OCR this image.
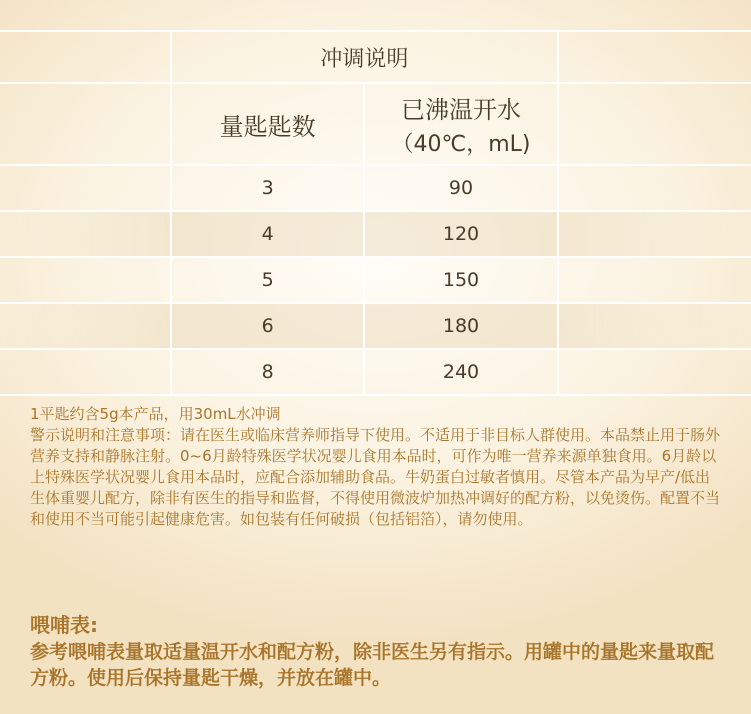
	冲调说明		
	量匙匙数	已沸温开水
（40℃，mL)	

	3	90	
	4	120	
	5	150	
	6	180	
	8	240	

1平匙约含5g本产品，用30mL水冲调

警示说明和注意事项：请在医生或临床营养师指导下使用。不适用于非目标人群使用。本品禁止用于肠外营养支持和静脉注射。0~6月龄特殊医学状况婴儿食用本品时，可作为唯一营养来源单独食用。6月龄以上特殊医学状况婴儿食用本品时，应配合添加辅助食品。牛奶蛋白过敏者慎用。尽管本产品为早产/低出生体重婴儿配方，除非有医生的指导和监督，不得使用微波炉加热冲调好的配方粉，以免烫伤。配置不当和使用不当可能引起健康危害。如包装有任何破损（包括铝箔），请勿使用。

喂哺表:

参考喂哺表量取适量温开水和配方粉，除非医生另有指示。用罐中的量匙来量取配方粉。使用后保持量匙干燥，并放在罐中。
